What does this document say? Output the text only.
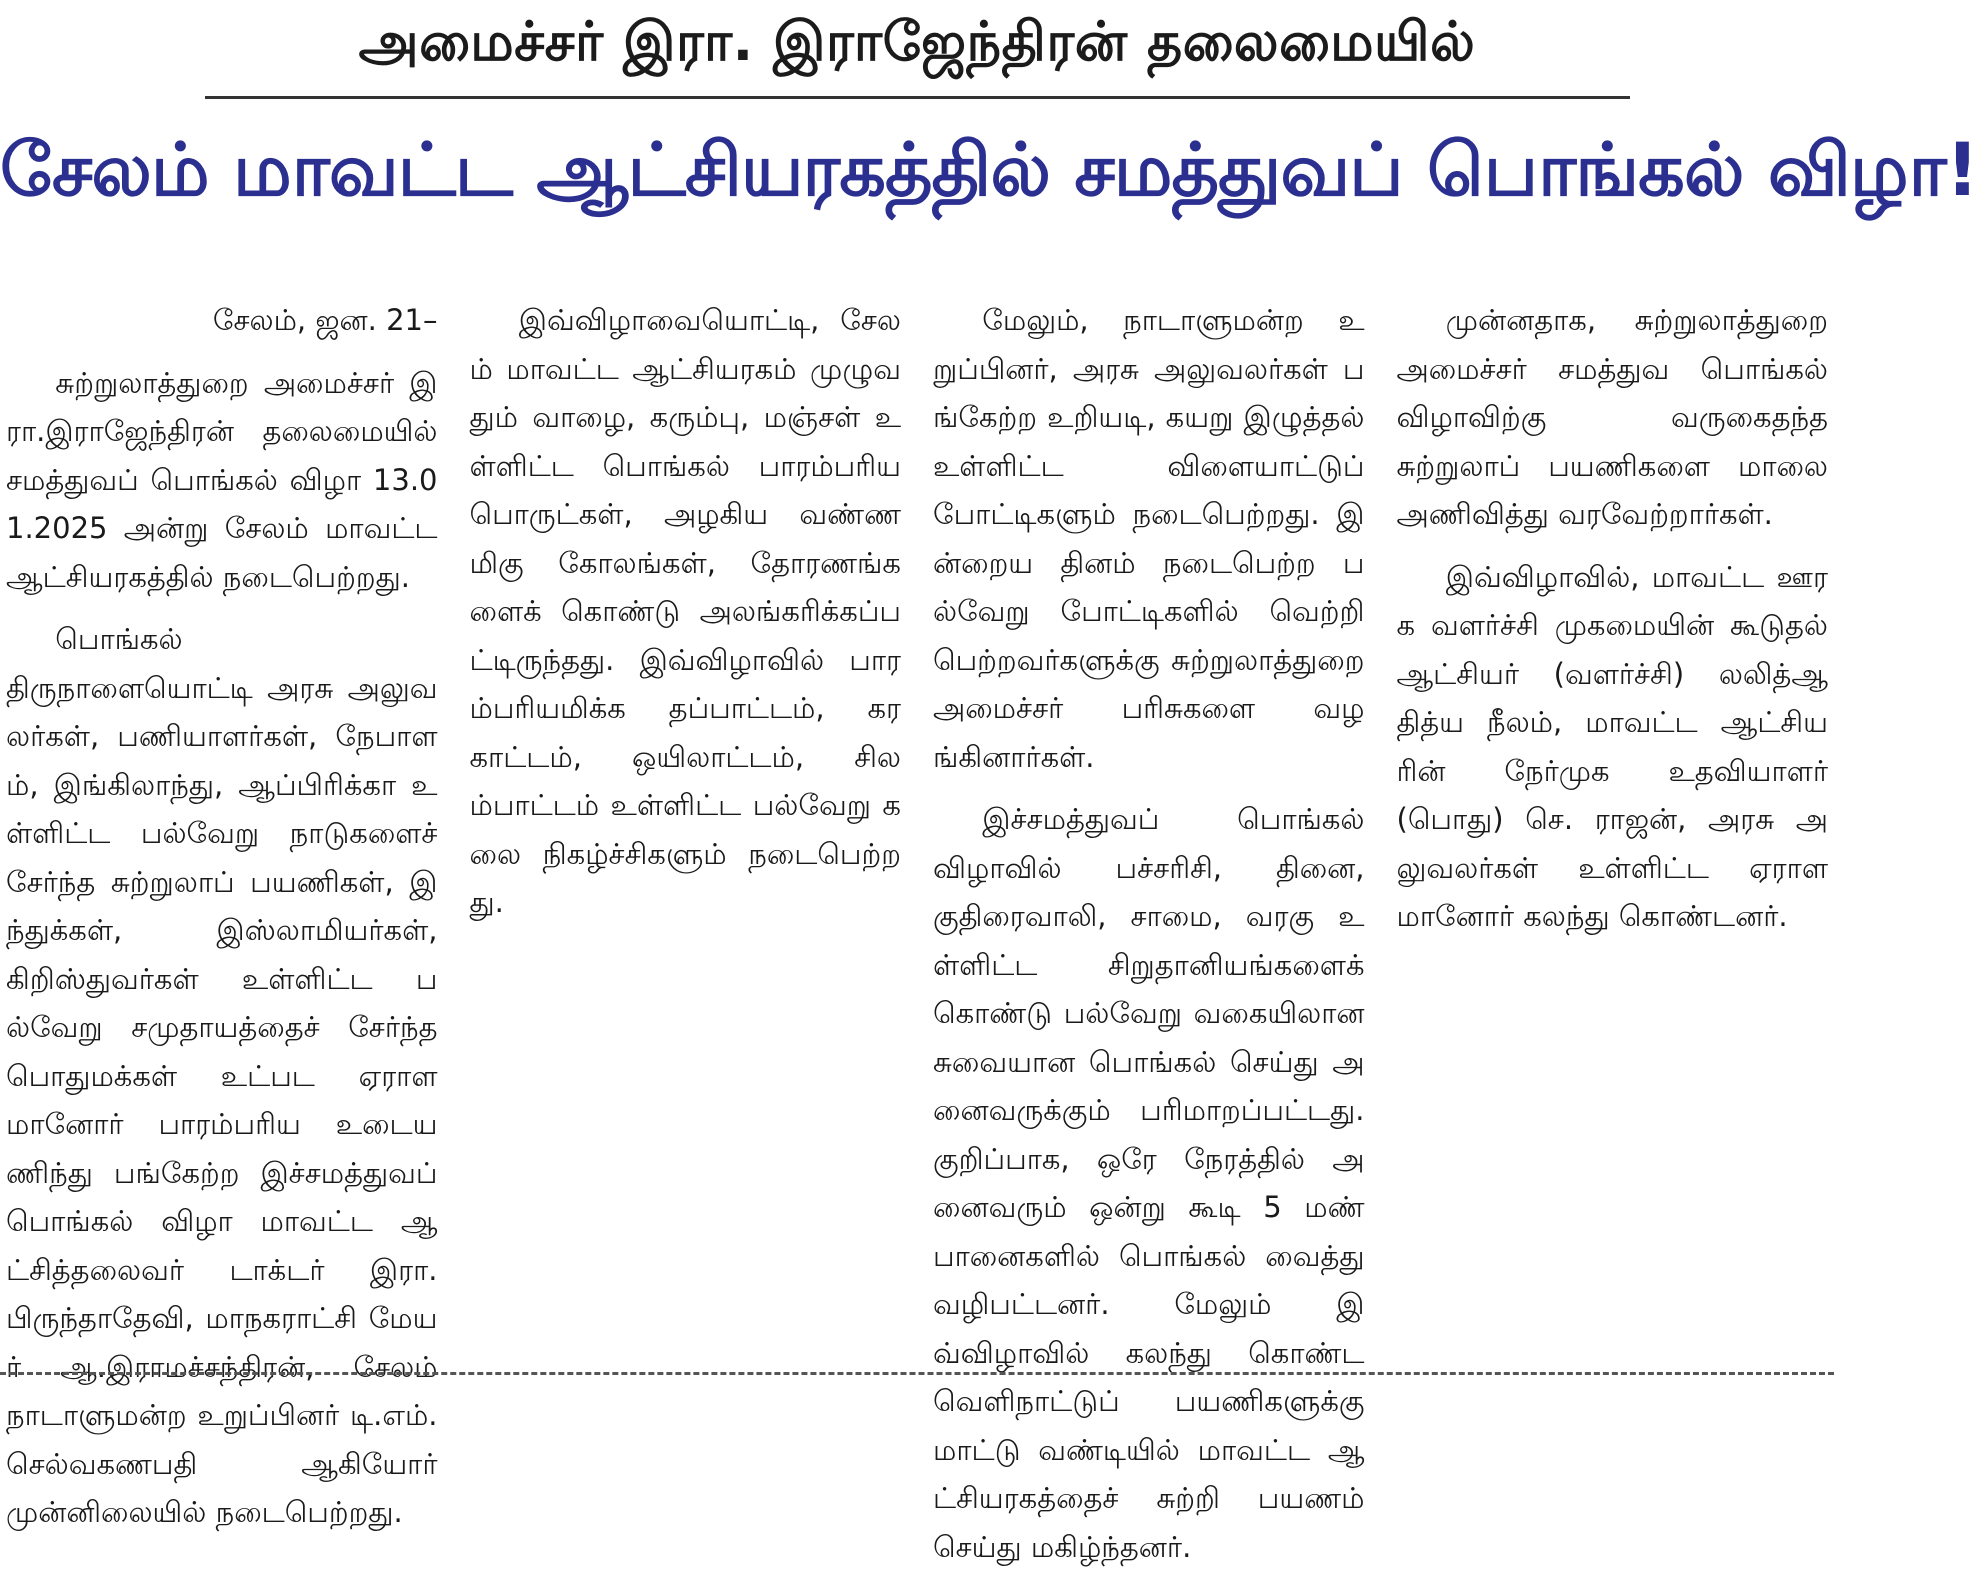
அமைச்சர் இரா. இராஜேந்திரன் தலைமையில்
சேலம் மாவட்ட ஆட்சியரகத்தில் சமத்துவப் பொங்கல் விழா!

சேலம், ஜன. 21–

சுற்றுலாத்துறை அமைச்சர் இரா.இராஜேந்திரன் தலைமையில் சமத்துவப் பொங்கல் விழா 13.01.2025 அன்று சேலம் மாவட்ட ஆட்சியரகத்தில் நடைபெற்றது.

பொங்கல் திருநாளையொட்டி அரசு அலுவலர்கள், பணியாளர்கள், நேபாளம், இங்கிலாந்து, ஆப்பிரிக்கா உள்ளிட்ட பல்வேறு நாடுகளைச் சேர்ந்த சுற்றுலாப் பயணிகள், இந்துக்கள், இஸ்லாமியர்கள், கிறிஸ்துவர்கள் உள்ளிட்ட பல்வேறு சமுதாயத்தைச் சேர்ந்த பொதுமக்கள் உட்பட ஏராளமானோர் பாரம்பரிய உடையணிந்து பங்கேற்ற இச்சமத்துவப் பொங்கல் விழா மாவட்ட ஆட்சித்தலைவர் டாக்டர் இரா.பிருந்தாதேவி, மாநகராட்சி மேயர் ஆ.இராமச்சந்திரன், சேலம் நாடாளுமன்ற உறுப்பினர் டி.எம். செல்வகணபதி ஆகியோர் முன்னிலையில் நடைபெற்றது.

இவ்விழாவையொட்டி, சேலம் மாவட்ட ஆட்சியரகம் முழுவதும் வாழை, கரும்பு, மஞ்சள் உள்ளிட்ட பொங்கல் பாரம்பரிய பொருட்கள், அழகிய வண்ணமிகு கோலங்கள், தோரணங்களைக் கொண்டு அலங்கரிக்கப்பட்டிருந்தது. இவ்விழாவில் பாரம்பரியமிக்க தப்பாட்டம், கரகாட்டம், ஒயிலாட்டம், சிலம்பாட்டம் உள்ளிட்ட பல்வேறு கலை நிகழ்ச்சிகளும் நடைபெற்றது.

மேலும், நாடாளுமன்ற உறுப்பினர், அரசு அலுவலர்கள் பங்கேற்ற உறியடி, கயறு இழுத்தல் உள்ளிட்ட விளையாட்டுப் போட்டிகளும் நடைபெற்றது. இன்றைய தினம் நடைபெற்ற பல்வேறு போட்டிகளில் வெற்றி பெற்றவர்களுக்கு சுற்றுலாத்துறை அமைச்சர் பரிசுகளை வழங்கினார்கள்.

இச்சமத்துவப் பொங்கல் விழாவில் பச்சரிசி, தினை, குதிரைவாலி, சாமை, வரகு உள்ளிட்ட சிறுதானியங்களைக் கொண்டு பல்வேறு வகையிலான சுவையான பொங்கல் செய்து அனைவருக்கும் பரிமாறப்பட்டது. குறிப்பாக, ஒரே நேரத்தில் அனைவரும் ஒன்று கூடி 5 மண் பானைகளில் பொங்கல் வைத்து வழிபட்டனர். மேலும் இவ்விழாவில் கலந்து கொண்ட வெளிநாட்டுப் பயணிகளுக்கு மாட்டு வண்டியில் மாவட்ட ஆட்சியரகத்தைச் சுற்றி பயணம் செய்து மகிழ்ந்தனர்.

முன்னதாக, சுற்றுலாத்துறை அமைச்சர் சமத்துவ பொங்கல் விழாவிற்கு வருகைதந்த சுற்றுலாப் பயணிகளை மாலை அணிவித்து வரவேற்றார்கள்.

இவ்விழாவில், மாவட்ட ஊரக வளர்ச்சி முகமையின் கூடுதல் ஆட்சியர் (வளர்ச்சி) லலித்ஆதித்ய நீலம், மாவட்ட ஆட்சியரின் நேர்முக உதவியாளர் (பொது) செ. ராஜன், அரசு அலுவலர்கள் உள்ளிட்ட ஏராளமானோர் கலந்து கொண்டனர்.
